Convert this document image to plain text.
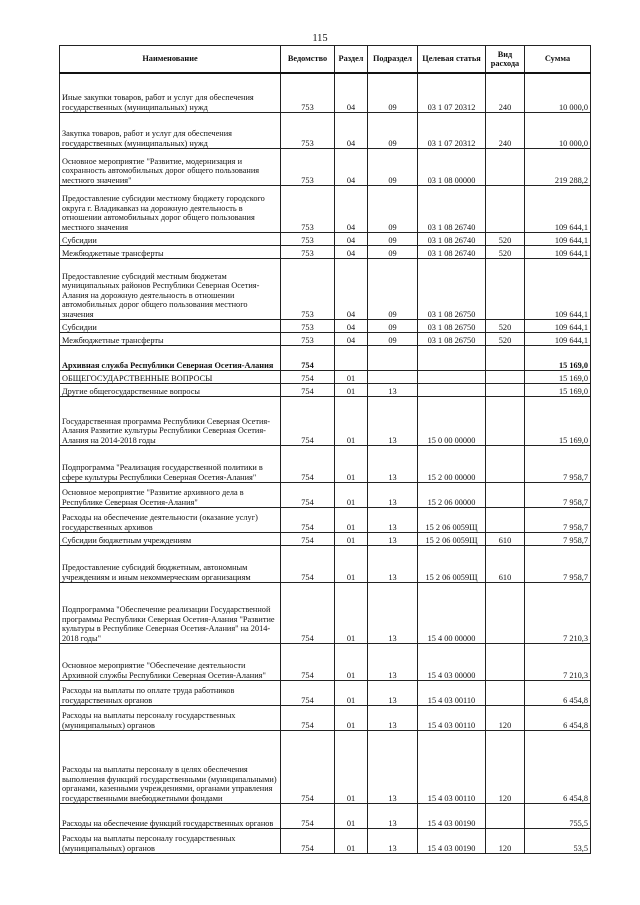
115
Наименование	Ведомство	Раздел	Подраздел	Целевая статья	Вид расхода	Сумма
Иные закупки товаров, работ и услуг для обеспечения государственных (муниципальных) нужд	753	04	09	03 1 07 20312	240	10 000,0
Закупка товаров, работ и услуг для обеспечения государственных (муниципальных) нужд	753	04	09	03 1 07 20312	240	10 000,0
Основное мероприятие "Развитие, модернизация и сохранность автомобильных дорог общего пользования местного значения"	753	04	09	03 1 08 00000		219 288,2
Предоставление субсидии местному бюджету городского округа г. Владикавказ на дорожную деятельность в отношении автомобильных дорог общего пользования местного значения	753	04	09	03 1 08 26740		109 644,1
Субсидии	753	04	09	03 1 08 26740	520	109 644,1
Межбюджетные трансферты	753	04	09	03 1 08 26740	520	109 644,1
Предоставление субсидий местным бюджетам муниципальных районов Республики Северная Осетия-Алания на дорожную деятельность в отношении автомобильных дорог общего пользования местного значения	753	04	09	03 1 08 26750		109 644,1
Субсидии	753	04	09	03 1 08 26750	520	109 644,1
Межбюджетные трансферты	753	04	09	03 1 08 26750	520	109 644,1
Архивная служба Республики Северная Осетия-Алания	754					15 169,0
ОБЩЕГОСУДАРСТВЕННЫЕ ВОПРОСЫ	754	01				15 169,0
Другие общегосударственные вопросы	754	01	13			15 169,0
Государственная программа Республики Северная Осетия-Алания Развитие культуры Республики Северная Осетия-Алания на 2014-2018 годы	754	01	13	15 0 00 00000		15 169,0
Подпрограмма "Реализация государственной политики в сфере культуры Республики Северная Осетия-Алания"	754	01	13	15 2 00 00000		7 958,7
Основное мероприятие "Развитие архивного дела в Республике Северная Осетия-Алания"	754	01	13	15 2 06 00000		7 958,7
Расходы на обеспечение деятельности (оказание услуг) государственных архивов	754	01	13	15 2 06 0059Щ		7 958,7
Субсидии бюджетным учреждениям	754	01	13	15 2 06 0059Щ	610	7 958,7
Предоставление субсидий бюджетным, автономным учреждениям и иным некоммерческим организациям	754	01	13	15 2 06 0059Щ	610	7 958,7
Подпрограмма "Обеспечение реализации Государственной программы Республики Северная Осетия-Алания "Развитие культуры в Республике Северная Осетия-Алания" на 2014-2018 годы"	754	01	13	15 4 00 00000		7 210,3
Основное мероприятие "Обеспечение деятельности Архивной службы Республики Северная Осетия-Алания"	754	01	13	15 4 03 00000		7 210,3
Расходы на выплаты по оплате труда работников государственных органов	754	01	13	15 4 03 00110		6 454,8
Расходы на выплаты персоналу государственных (муниципальных) органов	754	01	13	15 4 03 00110	120	6 454,8
Расходы на выплаты персоналу в целях обеспечения выполнения функций государственными (муниципальными) органами, казенными учреждениями, органами управления государственными внебюджетными фондами	754	01	13	15 4 03 00110	120	6 454,8
Расходы на обеспечение функций государственных органов	754	01	13	15 4 03 00190		755,5
Расходы на выплаты персоналу государственных (муниципальных) органов	754	01	13	15 4 03 00190	120	53,5
